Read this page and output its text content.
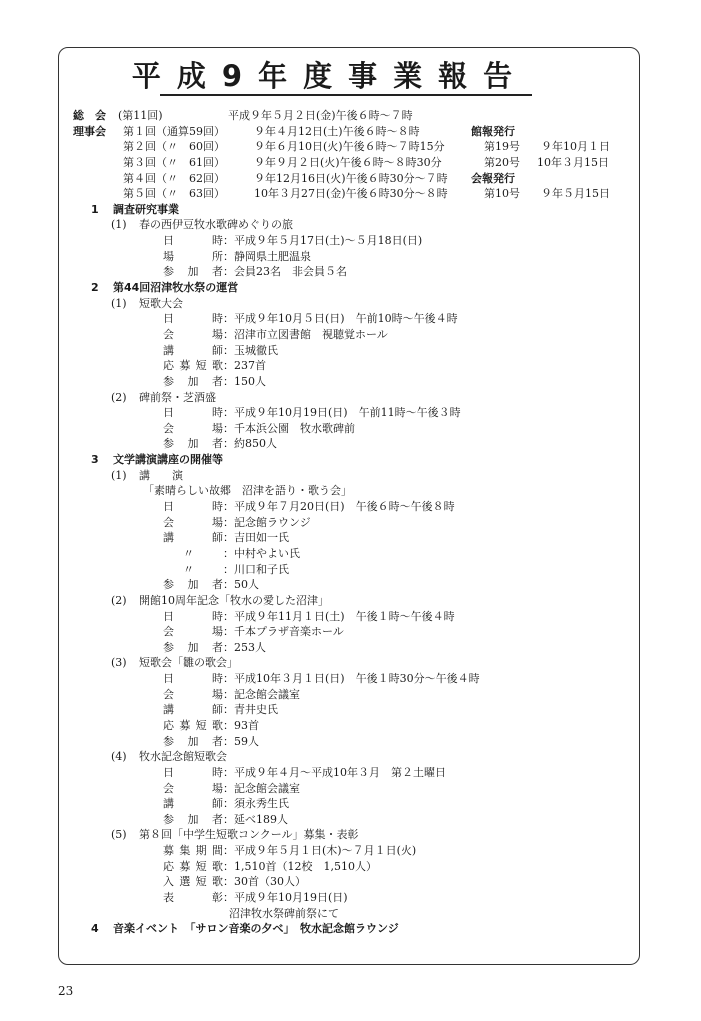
平成9年度事業報告
総　会 (第11回)	平成９年５月２日(金)午後６時〜７時
理事会 第１回（通算59回）	９年４月12日(土)午後６時〜８時	館報発行
第２回（〃　60回）	９年６月10日(火)午後６時〜７時15分	第19号 ９年10月１日
第３回（〃　61回）	９年９月２日(火)午後６時〜８時30分	第20号 10年３月15日
第４回（〃　62回）	９年12月16日(火)午後６時30分〜７時 会報発行
第５回（〃　63回）	10年３月27日(金)午後６時30分〜８時	第10号 ９年５月15日
1 調査研究事業
(1) 春の西伊豆牧水歌碑めぐりの旅
日時：平成９年５月17日(土)〜５月18日(日)
場所：静岡県土肥温泉
参加者：会員23名　非会員５名
2 第44回沼津牧水祭の運営
(1) 短歌大会
日時：平成９年10月５日(日)　午前10時〜午後４時
会場：沼津市立図書館　視聴覚ホール
講師：玉城徹氏
応募短歌：237首
参加者：150人
(2) 碑前祭・芝酒盛
日時：平成９年10月19日(日)　午前11時〜午後３時
会場：千本浜公園　牧水歌碑前
参加者：約850人
3 文学講演講座の開催等
(1) 講　　演
「素晴らしい故郷　沼津を語り・歌う会」
日時：平成９年７月20日(日)　午後６時〜午後８時
会場：記念館ラウンジ
講師：吉田如一氏
〃	：中村やよい氏
〃	：川口和子氏
参加者：50人
(2) 開館10周年記念「牧水の愛した沼津」
日時：平成９年11月１日(土)　午後１時〜午後４時
会場：千本プラザ音楽ホール
参加者：253人
(3) 短歌会「雛の歌会」
日時：平成10年３月１日(日)　午後１時30分〜午後４時
会場：記念館会議室
講師：青井史氏
応募短歌：93首
参加者：59人
(4) 牧水記念館短歌会
日時：平成９年４月〜平成10年３月　第２土曜日
会場：記念館会議室
講師：須永秀生氏
参加者：延べ189人
(5) 第８回「中学生短歌コンクール」募集・表彰
募集期間：平成９年５月１日(木)〜７月１日(火)
応募短歌：1,510首（12校　1,510人）
入選短歌：30首（30人）
表彰：平成９年10月19日(日)
沼津牧水祭碑前祭にて
4 音楽イベント　「サロン音楽の夕べ」　牧水記念館ラウンジ
23
